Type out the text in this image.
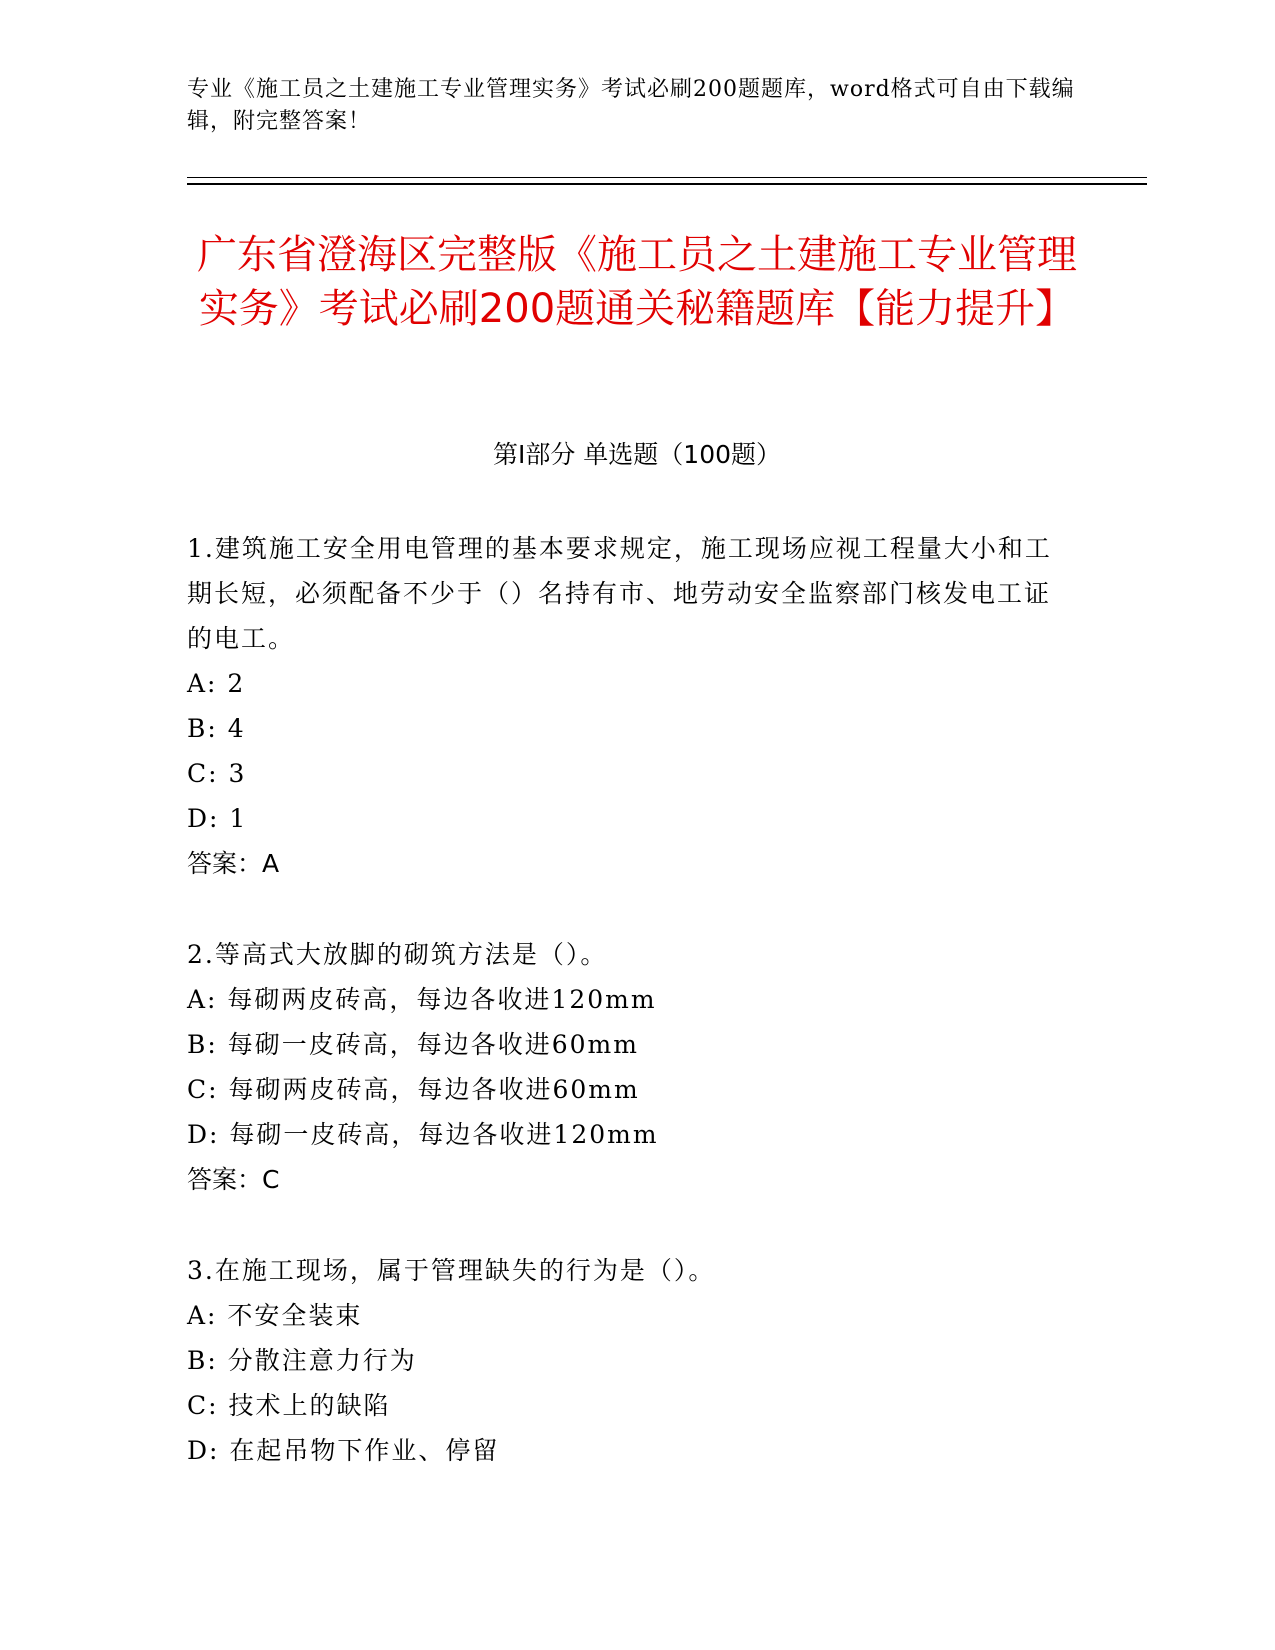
专业《施工员之土建施工专业管理实务》考试必刷200题题库，word格式可自由下载编辑，附完整答案！
广东省澄海区完整版《施工员之土建施工专业管理实务》考试必刷200题通关秘籍题库【能力提升】
第I部分 单选题（100题）
1.建筑施工安全用电管理的基本要求规定，施工现场应视工程量大小和工期长短，必须配备不少于（）名持有市、地劳动安全监察部门核发电工证的电工。
A: 2
B: 4
C: 3
D: 1
答案：A
2.等高式大放脚的砌筑方法是（）。
A: 每砌两皮砖高，每边各收进120mm
B: 每砌一皮砖高，每边各收进60mm
C: 每砌两皮砖高，每边各收进60mm
D: 每砌一皮砖高，每边各收进120mm
答案：C
3.在施工现场，属于管理缺失的行为是（）。
A: 不安全装束
B: 分散注意力行为
C: 技术上的缺陷
D: 在起吊物下作业、停留
